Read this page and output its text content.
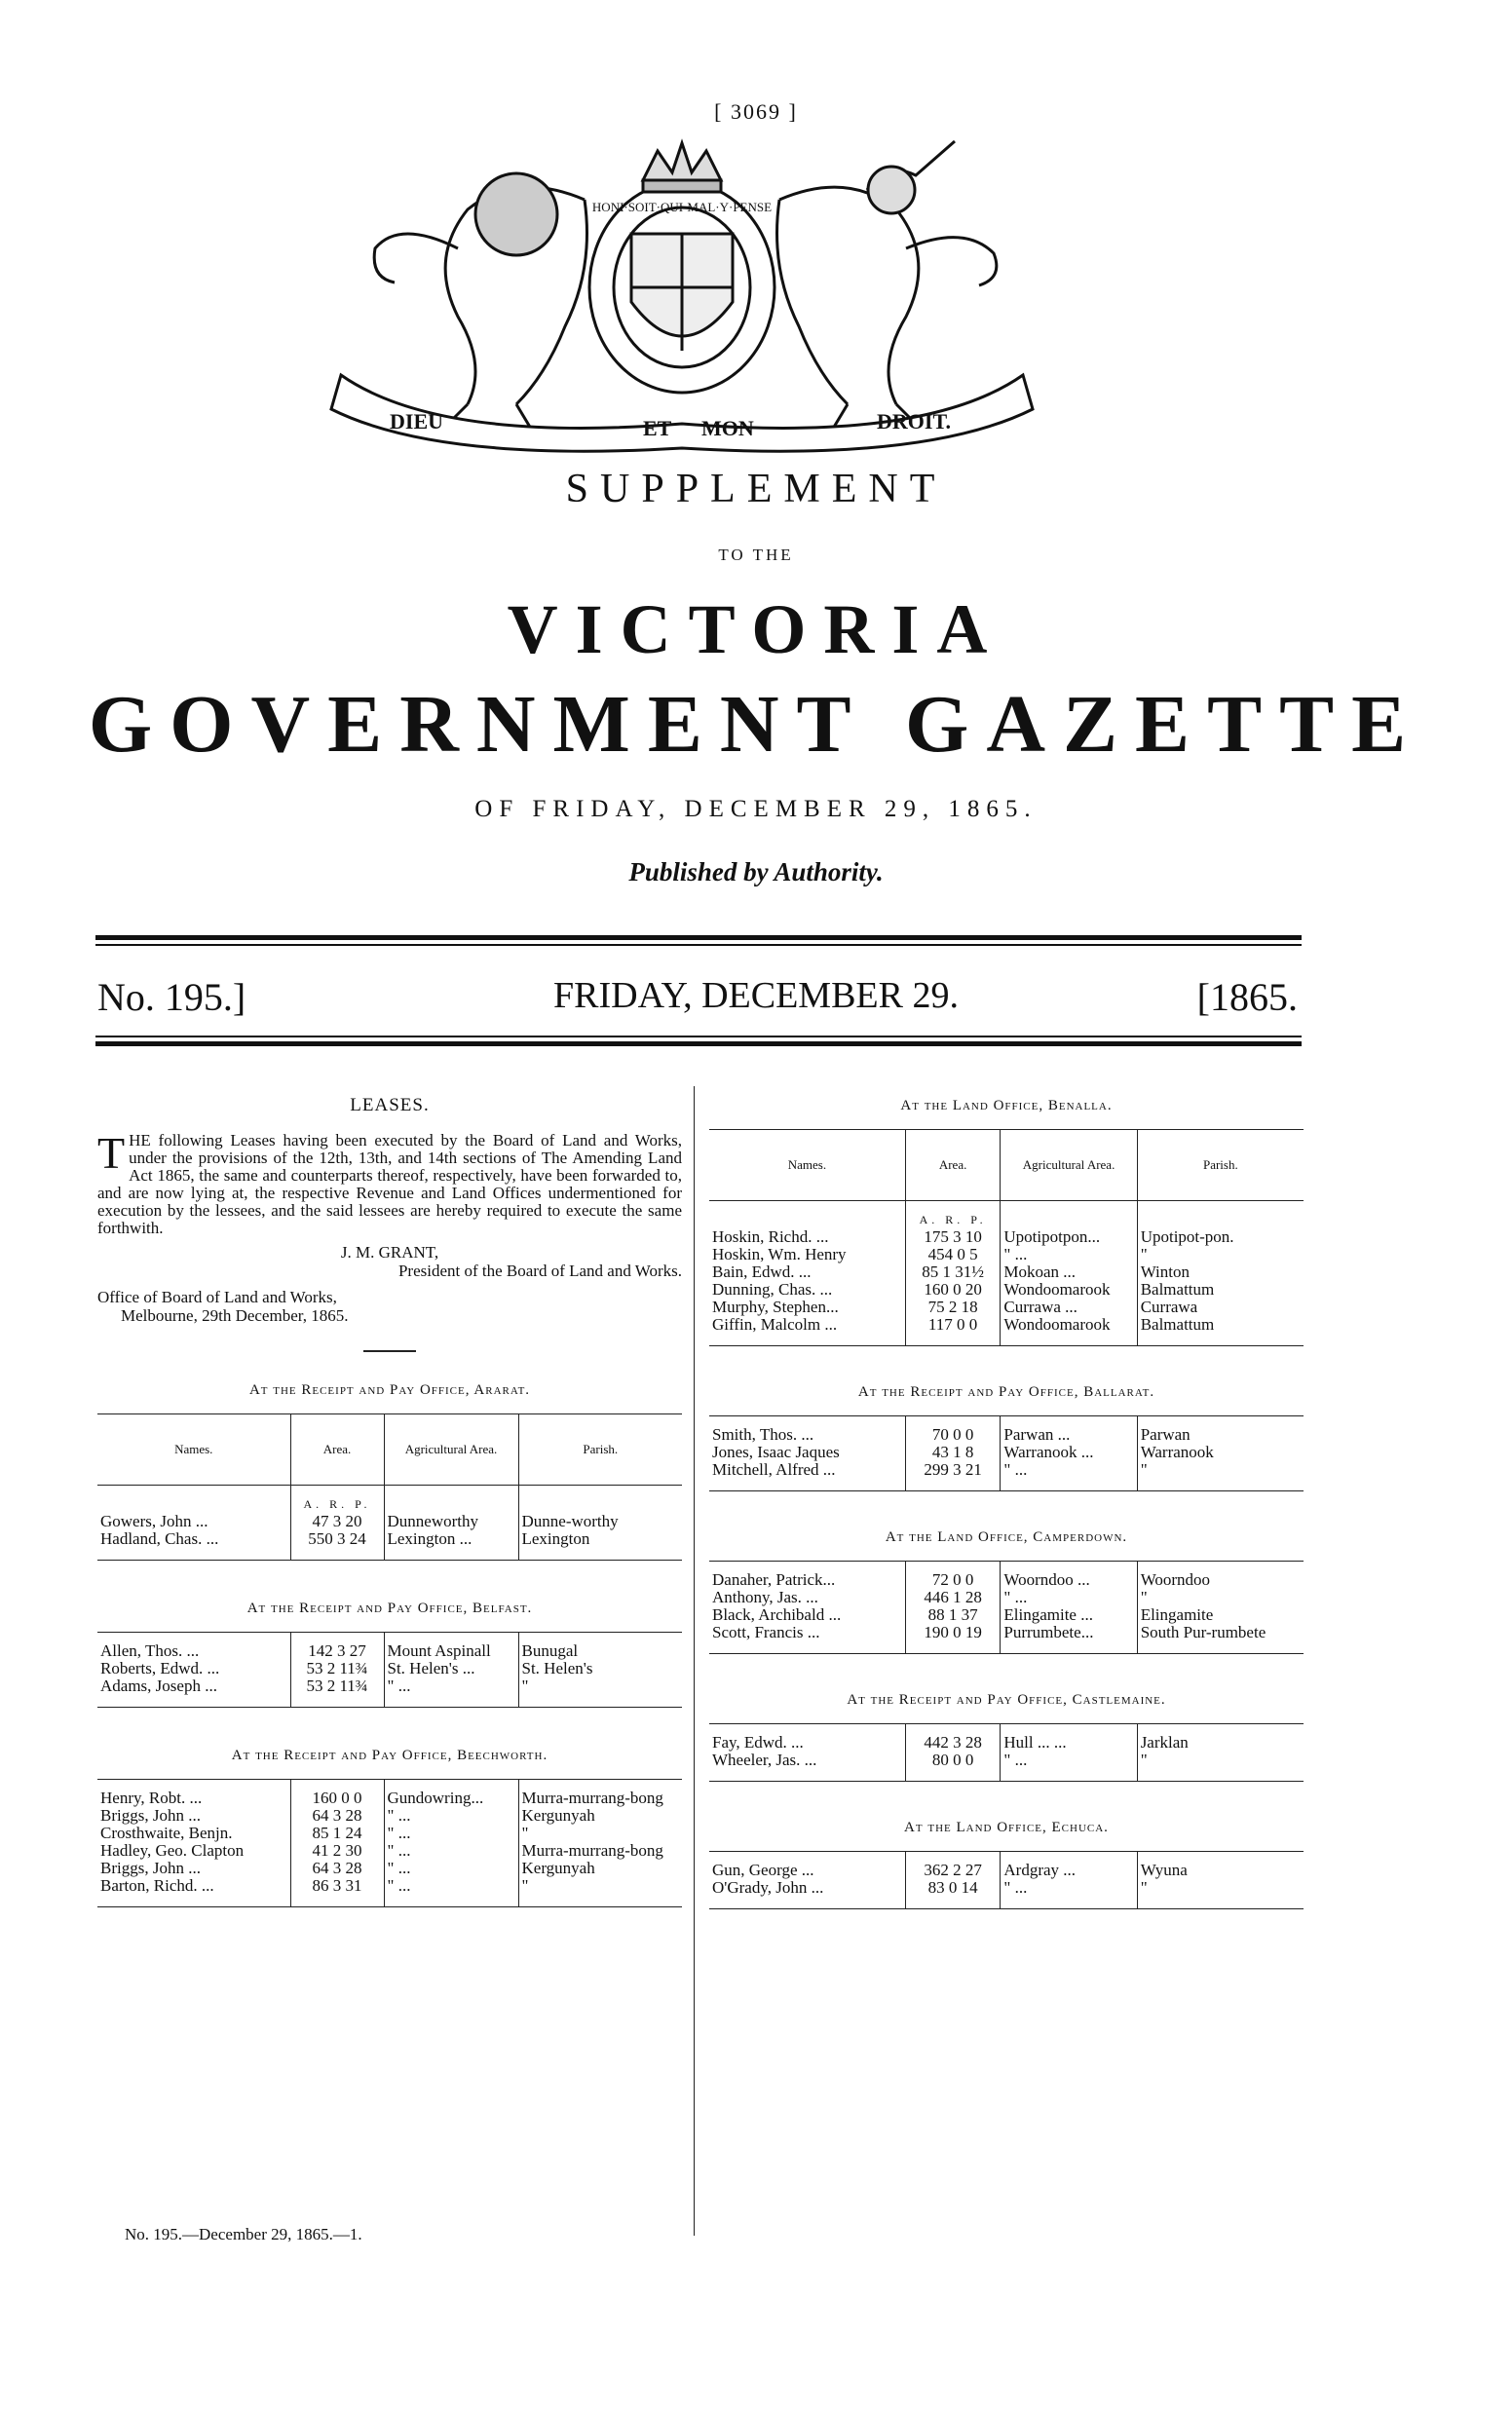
[ 3069 ]
DIEU	ET MON	DROIT.
HONI·SOIT·QUI·MAL·Y·PENSE
SUPPLEMENT
TO THE
VICTORIA
GOVERNMENT GAZETTE
OF FRIDAY, DECEMBER 29, 1865.
Published by Authority.
No. 195.]	FRIDAY, DECEMBER 29.	[1865.
LEASES.
THE following Leases having been executed by the Board of Land and Works, under the provisions of the 12th, 13th, and 14th sections of The Amending Land Act 1865, the same and counterparts thereof, respectively, have been forwarded to, and are now lying at, the respective Revenue and Land Offices undermentioned for execution by the lessees, and the said lessees are hereby required to execute the same forthwith.
J. M. GRANT,
President of the Board of Land and Works.
Office of Board of Land and Works,
Melbourne, 29th December, 1865.
At the Receipt and Pay Office, Ararat.
Names.	Area.	Agricultural Area.	Parish.

	A. R. P.		
Gowers, John ...	47 3 20	Dunneworthy	Dunne-worthy
Hadland, Chas. ...	550 3 24	Lexington ...	Lexington
At the Receipt and Pay Office, Belfast.

Allen, Thos. ...	142 3 27	Mount Aspinall	Bunugal
Roberts, Edwd. ...	53 2 11¾	St. Helen's ...	St. Helen's
Adams, Joseph ...	53 2 11¾	" ...	"
At the Receipt and Pay Office, Beechworth.

Henry, Robt. ...	160 0 0	Gundowring...	Murra-murrang-bong
Briggs, John ...	64 3 28	" ...	Kergunyah
Crosthwaite, Benjn.	85 1 24	" ...	"
Hadley, Geo. Clapton	41 2 30	" ...	Murra-murrang-bong
Briggs, John ...	64 3 28	" ...	Kergunyah
Barton, Richd. ...	86 3 31	" ...	"
At the Land Office, Benalla.
Names.	Area.	Agricultural Area.	Parish.

	A. R. P.		
Hoskin, Richd. ...	175 3 10	Upotipotpon...	Upotipot-pon.
Hoskin, Wm. Henry	454 0 5	" ...	"
Bain, Edwd. ...	85 1 31½	Mokoan ...	Winton
Dunning, Chas. ...	160 0 20	Wondoomarook	Balmattum
Murphy, Stephen...	75 2 18	Currawa ...	Currawa
Giffin, Malcolm ...	117 0 0	Wondoomarook	Balmattum
At the Receipt and Pay Office, Ballarat.

Smith, Thos. ...	70 0 0	Parwan ...	Parwan
Jones, Isaac Jaques	43 1 8	Warranook ...	Warranook
Mitchell, Alfred ...	299 3 21	" ...	"
At the Land Office, Camperdown.

Danaher, Patrick...	72 0 0	Woorndoo ...	Woorndoo
Anthony, Jas. ...	446 1 28	" ...	"
Black, Archibald ...	88 1 37	Elingamite ...	Elingamite
Scott, Francis ...	190 0 19	Purrumbete...	South Pur-rumbete
At the Receipt and Pay Office, Castlemaine.

Fay, Edwd. ...	442 3 28	Hull ... ...	Jarklan
Wheeler, Jas. ...	80 0 0	" ...	"
At the Land Office, Echuca.

Gun, George ...	362 2 27	Ardgray ...	Wyuna
O'Grady, John ...	83 0 14	" ...	"
No. 195.—December 29, 1865.—1.
